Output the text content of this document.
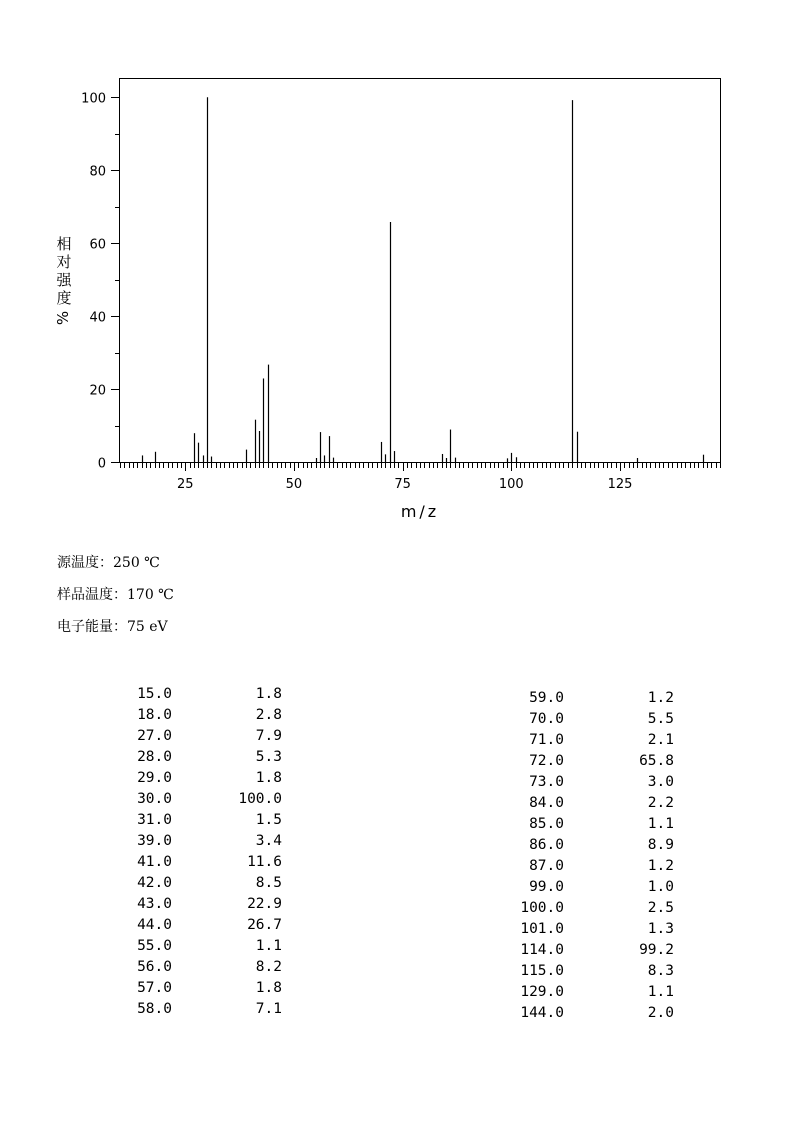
0
20
40
60
80
100
25	50	75	100	125
m/z
相
对
强
度
%
源温度：250 ℃
样品温度：170 ℃
电子能量：75 eV
15.0	1.8
18.0	2.8
27.0	7.9
28.0	5.3
29.0	1.8
30.0	100.0
31.0	1.5
39.0	3.4
41.0	11.6
42.0	8.5
43.0	22.9
44.0	26.7
55.0	1.1
56.0	8.2
57.0	1.8
58.0	7.1
59.0	1.2
70.0	5.5
71.0	2.1
72.0	65.8
73.0	3.0
84.0	2.2
85.0	1.1
86.0	8.9
87.0	1.2
99.0	1.0
100.0	2.5
101.0	1.3
114.0	99.2
115.0	8.3
129.0	1.1
144.0	2.0
